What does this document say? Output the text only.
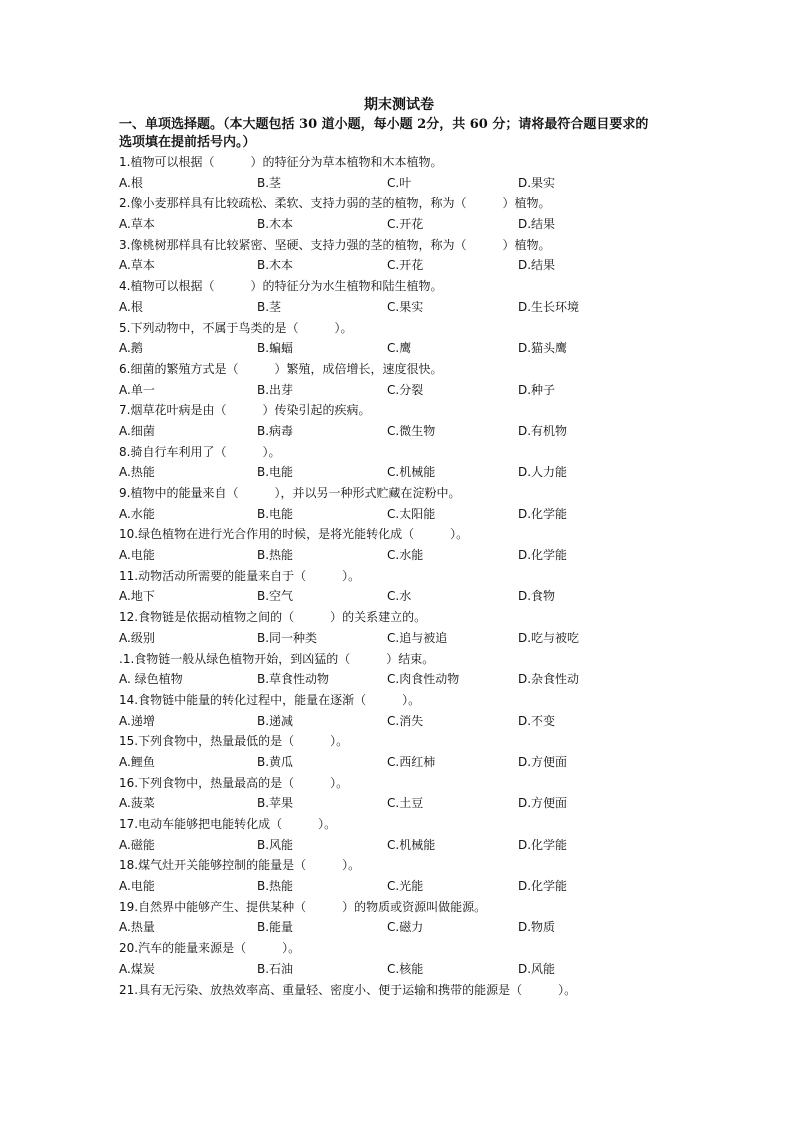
期末测试卷
一、单项选择题。（本大题包括 30 道小题，每小题 2分，共 60 分；请将最符合题目要求的
选项填在提前括号内。）
1.植物可以根据（　　　）的特征分为草本植物和木本植物。
A.根	B.茎	C.叶	D.果实
2.像小麦那样具有比较疏松、柔软、支持力弱的茎的植物，称为（　　　）植物。
A.草本	B.木本	C.开花	D.结果
3.像桃树那样具有比较紧密、坚硬、支持力强的茎的植物，称为（　　　）植物。
A.草本	B.木本	C.开花	D.结果
4.植物可以根据（　　　）的特征分为水生植物和陆生植物。
A.根	B.茎	C.果实	D.生长环境
5.下列动物中，不属于鸟类的是（　　　）。
A.鹅	B.蝙蝠	C.鹰	D.猫头鹰
6.细菌的繁殖方式是（　　　）繁殖，成倍增长，速度很快。
A.单一	B.出芽	C.分裂	D.种子
7.烟草花叶病是由（　　　）传染引起的疾病。
A.细菌	B.病毒	C.微生物	D.有机物
8.骑自行车利用了（　　　）。
A.热能	B.电能	C.机械能	D.人力能
9.植物中的能量来自（　　　），并以另一种形式贮藏在淀粉中。
A.水能	B.电能	C.太阳能	D.化学能
10.绿色植物在进行光合作用的时候，是将光能转化成（　　　）。
A.电能	B.热能	C.水能	D.化学能
11.动物活动所需要的能量来自于（　　　）。
A.地下	B.空气	C.水	D.食物
12.食物链是依据动植物之间的（　　　）的关系建立的。
A.级别	B.同一种类	C.追与被追	D.吃与被吃
.1.食物链一般从绿色植物开始，到凶猛的（　　　）结束。
A. 绿色植物	B.草食性动物	C.肉食性动物	D.杂食性动
14.食物链中能量的转化过程中，能量在逐渐（　　　）。
A.递增	B.递减	C.消失	D.不变
15.下列食物中，热量最低的是（　　　）。
A.鲤鱼	B.黄瓜	C.西红柿	D.方便面
16.下列食物中，热量最高的是（　　　）。
A.菠菜	B.苹果	C.土豆	D.方便面
17.电动车能够把电能转化成（　　　）。
A.磁能	B.风能	C.机械能	D.化学能
18.煤气灶开关能够控制的能量是（　　　）。
A.电能	B.热能	C.光能	D.化学能
19.自然界中能够产生、提供某种（　　　）的物质或资源叫做能源。
A.热量	B.能量	C.磁力	D.物质
20.汽车的能量来源是（　　　）。
A.煤炭	B.石油	C.核能	D.风能
21.具有无污染、放热效率高、重量轻、密度小、便于运输和携带的能源是（　　　）。
